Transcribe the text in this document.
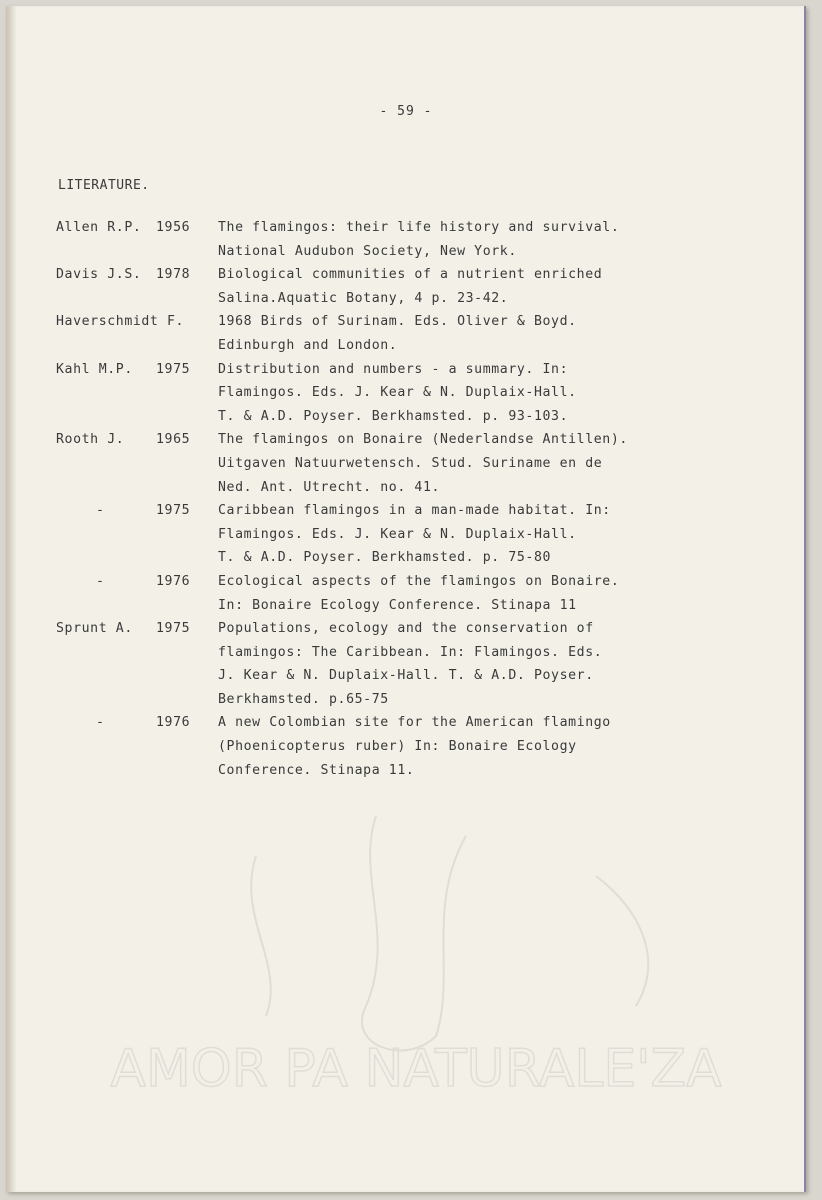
AMOR PA NATURALE'ZA
- 59 -
LITERATURE.
Allen R.P.	1956	The flamingos: their life history and survival.
National Audubon Society, New York.
Davis J.S.	1978	Biological communities of a nutrient enriched
Salina.Aquatic Botany, 4 p. 23-42.
Haverschmidt F.	1968 Birds of Surinam. Eds. Oliver & Boyd.
Edinburgh and London.
Kahl M.P.	1975	Distribution and numbers - a summary. In:
Flamingos. Eds. J. Kear & N. Duplaix-Hall.
T. & A.D. Poyser. Berkhamsted. p. 93-103.
Rooth J.	1965	The flamingos on Bonaire (Nederlandse Antillen).
Uitgaven Natuurwetensch. Stud. Suriname en de
Ned. Ant. Utrecht. no. 41.
-	1975	Caribbean flamingos in a man-made habitat. In:
Flamingos. Eds. J. Kear & N. Duplaix-Hall.
T. & A.D. Poyser. Berkhamsted. p. 75-80
-	1976	Ecological aspects of the flamingos on Bonaire.
In: Bonaire Ecology Conference. Stinapa 11
Sprunt A.	1975	Populations, ecology and the conservation of
flamingos: The Caribbean. In: Flamingos. Eds.
J. Kear & N. Duplaix-Hall. T. & A.D. Poyser.
Berkhamsted. p.65-75
-	1976	A new Colombian site for the American flamingo
(Phoenicopterus ruber) In: Bonaire Ecology
Conference. Stinapa 11.
